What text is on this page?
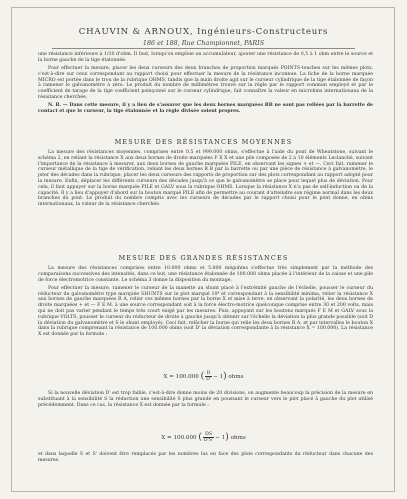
CHAUVIN & ARNOUX, Ingénieurs-Constructeurs
186 et 188, Rue Championnet, PARIS

une résistance inférieure à 1/10 d'ohm. Il faut, lorsqu'on emploie un accumulateur, ajouter une résistance de 0,5 à 1 ohm entre le source et la borne gauche de la tige étalonnée.

Pour effectuer la mesure, placer les deux curseurs des deux branches de proportion marqués POINTS-touches sur les mêmes plots, c'est-à-dire sur ceux correspondant au rapport choisi pour effectuer la mesure de la résistance inconnue. La fiche de la borne marquée MICRO est portée dans le trou de la rubrique OHMS, tandis que la main droite agit sur le curseur cylindrique de la tige étalonnée de façon à ramener le galvanomètre à zéro. Le produit du nombre de millimètres trouvé sur la règle par le rapport commun employé et par le coefficient de tarage de la tige coefficient poinçonné sur le curseur cylindrique, fait connaître la valeur en microhms internationaux de la résistance cherchée.

N. B. — Dans cette mesure, il y a lieu de s'assurer que les deux bornes marquées RB ne sont pas reliées par la barrette de contact et que le curseur, la tige étalonnée et la règle divisée soient propres.

MESURE DES RÉSISTANCES MOYENNES

La mesure des résistances moyennes, comprises entre 0,5 et 999.000 ohms, s'effectue à l'aide du pont de Wheatstone, suivant le schéma 2, en reliant la résistance X aux deux bornes de droite marquées F X X et une pile composée de 2 à 10 éléments Leclanché, suivant l'importance de la résistance à mesurer, aux deux bornes de gauche marquées PILE, en observant les signes + et —. Ceci fait, ramener le curseur métallique de la tige de vérification, reliant les deux bornes R B par la barrette ou par une pièce de résistance à galvanomètre, le jeter des décades dans la rubrique, placer les deux curseurs des rapports de proportion sur des plots correspondant au rapport adopté pour la mesure. Enfin, déplacer les différents curseurs des décades jusqu'à ce que le galvanomètre se place pour lequel plus de déviation. Pour cela, il faut appuyer sur la borne marquée PILE et GALV sous la rubrique OHMS. Lorsque la résistance X n'a pas de self-induction ou de la capacité. Il y a lieu d'appuyer d'abord sur la bouton marqué PILE afin de permettre au courant d'atteindre son régime normal dans les deux branches du pont. Le produit du nombre compris avec les curseurs de décades par le rapport choisi pour le pont donne, en ohms internationaux, la valeur de la résistance cherchée.

MESURE DES GRANDES RÉSISTANCES

La mesure des résistances comprises entre 10.000 ohms et 5.000 mégohms s'effectue très simplement par la méthode des comparaisons successives des intensités, dans ce but, une résistance étalonnée de 100.000 ohms placée à l'intérieur de la caisse et une pile de force électromotrice constante. Le schéma 3 donne la disposition du montage.

Pour effectuer la mesure, ramener le curseur de la manette au shunt placé à l'extrémité gauche de l'échelle, pousser le curseur du réducteur du galvanomètre type marquée SHUNTS sur le plot marqué 10⁴ et correspondant à la sensibilité minima, relier la résistance X aux bornes de gauche marquées R A, relier ces mêmes bornes par la borne X et mise à terre, en observant la polarité, les deux bornes de droite marquées + et — F E M, à une source correspondant soit à la force électro-motrice quelconque comprise entre 30 et 200 volts, mais qui ne doit pas varier pendant le temps très court exigé par les mesures. Puis, appuyant sur les boutons marqués F E M et GALV sous la rubrique VOLTS, pousser le curseur du réducteur de droite à gauche jusqu'à obtenir sur l'échelle la déviation la plus grande possible (soit D la déviation du galvanomètre et S le shunt employé). Ceci fait, relâcher la borne qui relie les deux bornes R A, et par intervalles le bouton X dans la rubrique comprenant la résistance de 100.000 ohms (soit D' la déviation correspondante à la résistance X = 100.000). La résistance X est donnée par la formule :

X = 100.000 ( $\frac{D}{D'} - 1$) ohms

Si la nouvelle déviation D' est trop faible, c'est-à-dire donne moins de 20 divisions, on augmente beaucoup la précision de la mesure en substituant à la sensibilité S la réduction une sensibilité S plus grande en poussant le curseur vers le plot placé à gauche du plot utilisé précédemment. Dans ce cas, la résistance X est donnée par la formule :

X = 100.000 ( $\frac{DS}{D'S'} - 1$) ohms

et dans laquelle S et S' doivent être remplacés par les nombres lus en face des plots correspondants du réducteur dans chacune des mesures.
